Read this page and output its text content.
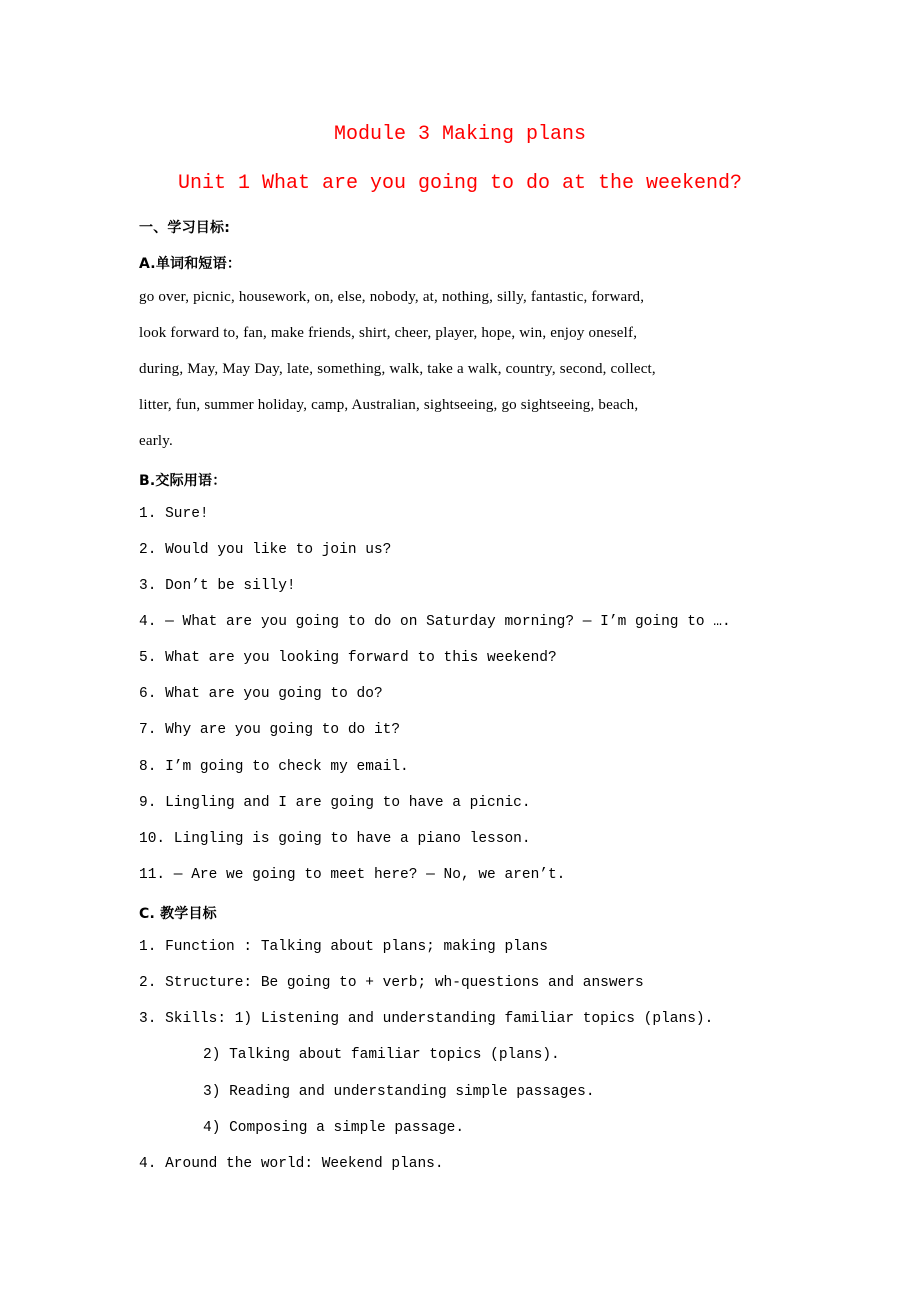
Module 3 Making plans
Unit 1 What are you going to do at the weekend?
一、学习目标:
A.单词和短语：
go over, picnic, housework, on, else, nobody, at, nothing, silly, fantastic, forward,
look forward to, fan, make friends, shirt, cheer, player, hope, win, enjoy oneself,
during, May, May Day, late, something, walk, take a walk, country, second, collect,
litter, fun, summer holiday, camp, Australian, sightseeing, go sightseeing, beach,
early.
B.交际用语：
1. Sure!
2. Would you like to join us?
3. Don’t be silly!
4. — What are you going to do on Saturday morning? — I’m going to ….
5. What are you looking forward to this weekend?
6. What are you going to do?
7. Why are you going to do it?
8. I’m going to check my email.
9. Lingling and I are going to have a picnic.
10. Lingling is going to have a piano lesson.
11. — Are we going to meet here? — No, we aren’t.
C. 教学目标
1. Function : Talking about plans; making plans
2. Structure: Be going to + verb; wh-questions and answers
3. Skills: 1) Listening and understanding familiar topics (plans).
2) Talking about familiar topics (plans).
3) Reading and understanding simple passages.
4) Composing a simple passage.
4. Around the world: Weekend plans.
